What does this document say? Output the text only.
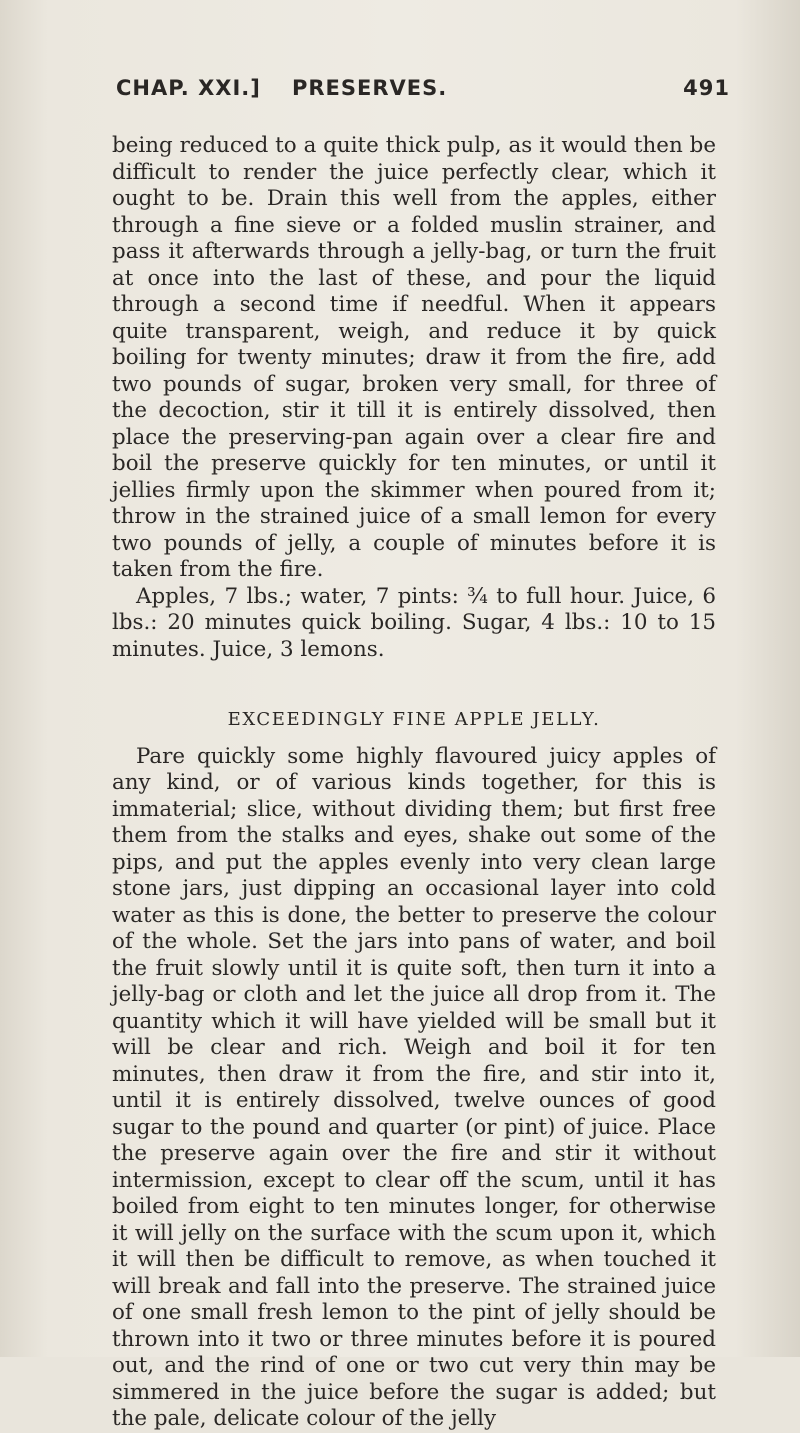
CHAP. XXI.] PRESERVES.	491

being reduced to a quite thick pulp, as it would then be difficult to render the juice perfectly clear, which it ought to be. Drain this well from the apples, either through a fine sieve or a folded muslin strainer, and pass it afterwards through a jelly-bag, or turn the fruit at once into the last of these, and pour the liquid through a second time if needful. When it appears quite transparent, weigh, and reduce it by quick boiling for twenty minutes; draw it from the fire, add two pounds of sugar, broken very small, for three of the decoction, stir it till it is entirely dissolved, then place the preserving-pan again over a clear fire and boil the preserve quickly for ten minutes, or until it jellies firmly upon the skimmer when poured from it; throw in the strained juice of a small lemon for every two pounds of jelly, a couple of minutes before it is taken from the fire.

Apples, 7 lbs.; water, 7 pints: ¾ to full hour. Juice, 6 lbs.: 20 minutes quick boiling. Sugar, 4 lbs.: 10 to 15 minutes. Juice, 3 lemons.

EXCEEDINGLY FINE APPLE JELLY.

Pare quickly some highly flavoured juicy apples of any kind, or of various kinds together, for this is immaterial; slice, without dividing them; but first free them from the stalks and eyes, shake out some of the pips, and put the apples evenly into very clean large stone jars, just dipping an occasional layer into cold water as this is done, the better to preserve the colour of the whole. Set the jars into pans of water, and boil the fruit slowly until it is quite soft, then turn it into a jelly-bag or cloth and let the juice all drop from it. The quantity which it will have yielded will be small but it will be clear and rich. Weigh and boil it for ten minutes, then draw it from the fire, and stir into it, until it is entirely dissolved, twelve ounces of good sugar to the pound and quarter (or pint) of juice. Place the preserve again over the fire and stir it without intermission, except to clear off the scum, until it has boiled from eight to ten minutes longer, for otherwise it will jelly on the surface with the scum upon it, which it will then be difficult to remove, as when touched it will break and fall into the preserve. The strained juice of one small fresh lemon to the pint of jelly should be thrown into it two or three minutes before it is poured out, and the rind of one or two cut very thin may be simmered in the juice before the sugar is added; but the pale, delicate colour of the jelly
